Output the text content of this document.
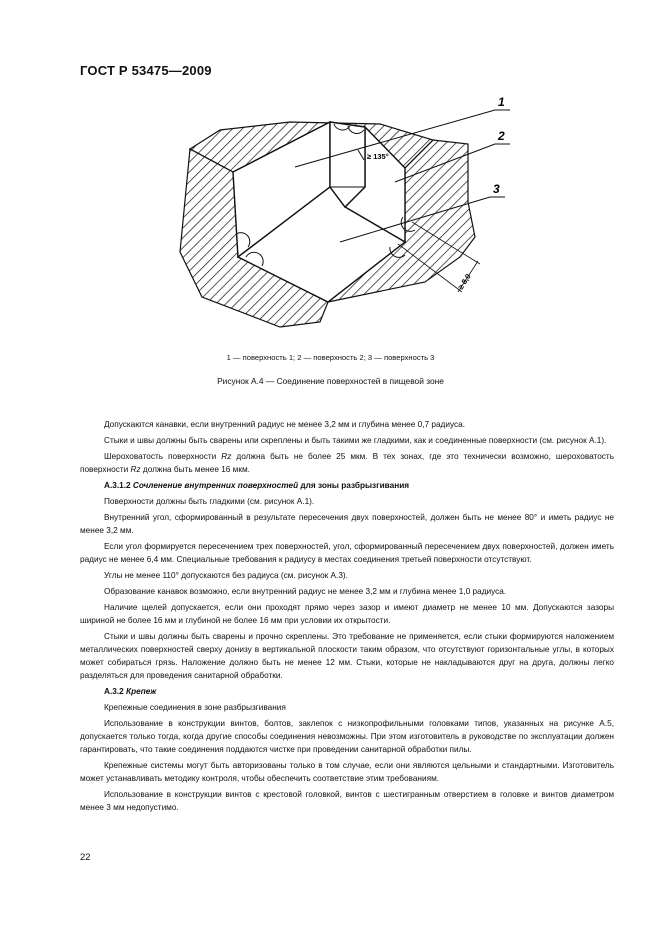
ГОСТ Р 53475—2009
1
2
3
≥ 135°
≥ 8,0
1 — поверхность 1; 2 — поверхность 2; 3 — поверхность 3
Рисунок А.4 — Соединение поверхностей в пищевой зоне

Допускаются канавки, если внутренний радиус не менее 3,2 мм и глубина менее 0,7 радиуса.

Стыки и швы должны быть сварены или скреплены и быть такими же гладкими, как и соединенные поверхности (см. рисунок А.1).

Шероховатость поверхности Rz должна быть не более 25 мкм. В тех зонах, где это технически возможно, шероховатость поверхности Rz должна быть менее 16 мкм.

А.3.1.2 Сочленение внутренних поверхностей для зоны разбрызгивания

Поверхности должны быть гладкими (см. рисунок А.1).

Внутренний угол, сформированный в результате пересечения двух поверхностей, должен быть не менее 80° и иметь радиус не менее 3,2 мм.

Если угол формируется пересечением трех поверхностей, угол, сформированный пересечением двух поверхностей, должен иметь радиус не менее 6,4 мм. Специальные требования к радиусу в местах соединения третьей поверхности отсутствуют.

Углы не менее 110° допускаются без радиуса (см. рисунок А.3).

Образование канавок возможно, если внутренний радиус не менее 3,2 мм и глубина менее 1,0 радиуса.

Наличие щелей допускается, если они проходят прямо через зазор и имеют диаметр не менее 10 мм. Допускаются зазоры шириной не более 16 мм и глубиной не более 16 мм при условии их открытости.

Стыки и швы должны быть сварены и прочно скреплены. Это требование не применяется, если стыки формируются наложением металлических поверхностей сверху донизу в вертикальной плоскости таким образом, что отсутствуют горизонтальные углы, в которых может собираться грязь. Наложение должно быть не менее 12 мм. Стыки, которые не накладываются друг на друга, должны легко разделяться для проведения санитарной обработки.

А.3.2 Крепеж

Крепежные соединения в зоне разбрызгивания

Использование в конструкции винтов, болтов, заклепок с низкопрофильными головками типов, указанных на рисунке А.5, допускается только тогда, когда другие способы соединения невозможны. При этом изготовитель в руководстве по эксплуатации должен гарантировать, что такие соединения поддаются чистке при проведении санитарной обработки пилы.

Крепежные системы могут быть авторизованы только в том случае, если они являются цельными и стандартными. Изготовитель может устанавливать методику контроля, чтобы обеспечить соответствие этим требованиям.

Использование в конструкции винтов с крестовой головкой, винтов с шестигранным отверстием в головке и винтов диаметром менее 3 мм недопустимо.

22
